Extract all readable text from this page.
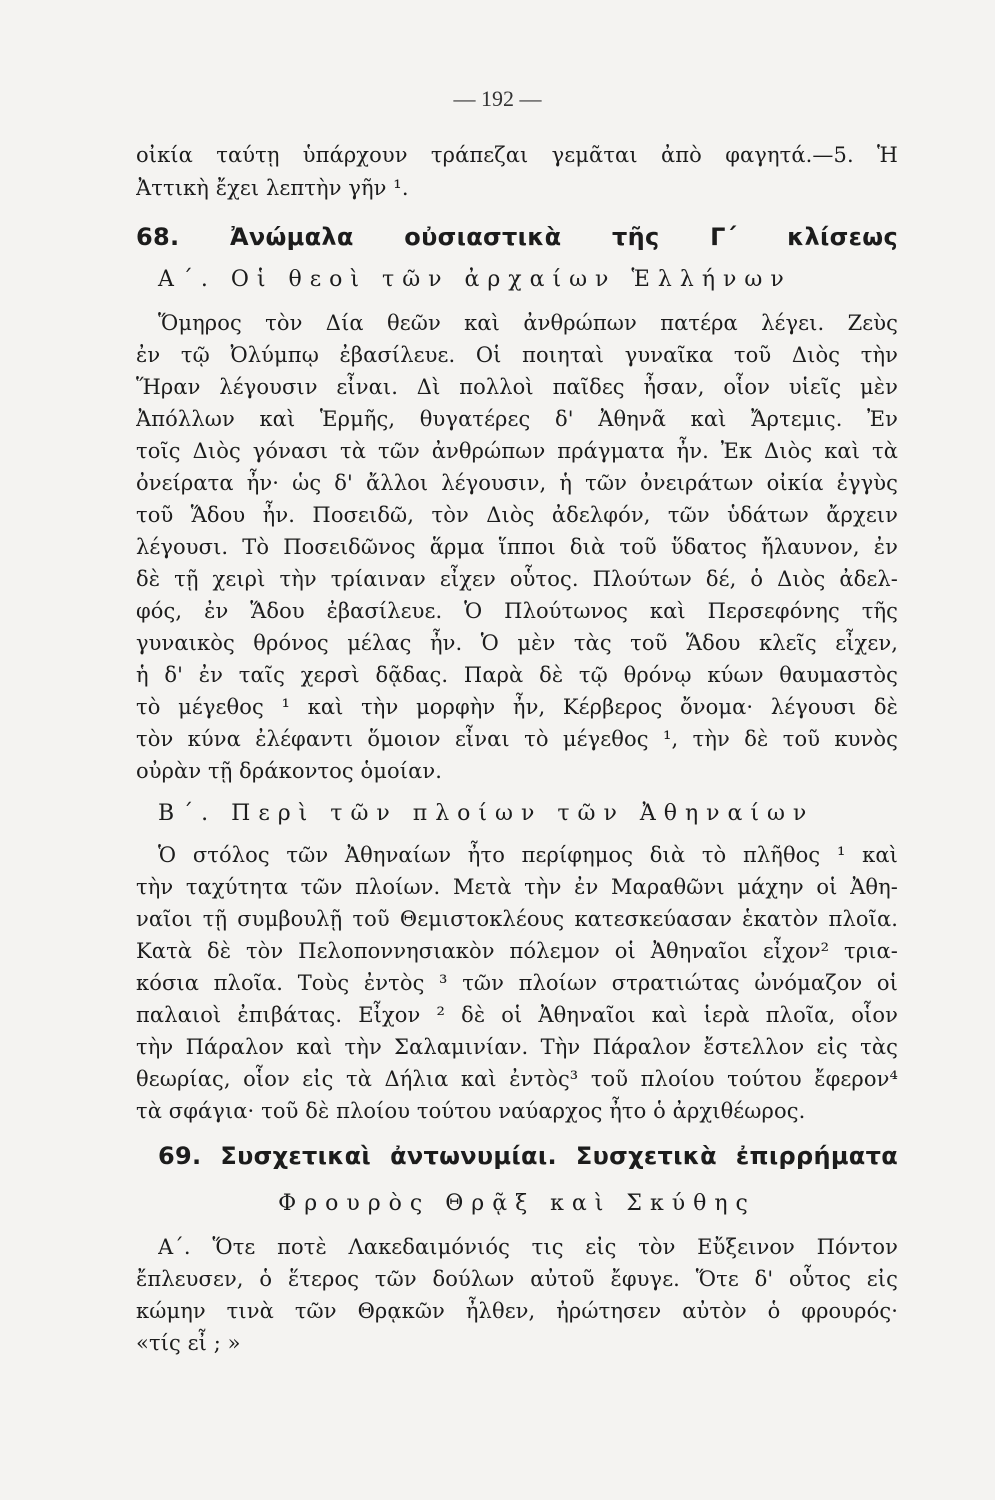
— 192 —
οἰκία ταύτῃ ὑπάρχουν τράπεζαι γεμᾶται ἀπὸ φαγητά.—5. Ἡ
Ἀττικὴ ἔχει λεπτὴν γῆν ¹.
68. Ἀνώμαλα οὐσιαστικὰ τῆς Γ΄ κλίσεως
Α΄. Οἱ θεοὶ τῶν ἀρχαίων Ἑλλήνων
Ὅμηρος τὸν Δία θεῶν καὶ ἀνθρώπων πατέρα λέγει. Ζεὺς
ἐν τῷ Ὀλύμπῳ ἐβασίλευε. Οἱ ποιηταὶ γυναῖκα τοῦ Διὸς τὴν
Ἥραν λέγουσιν εἶναι. Δὶ πολλοὶ παῖδες ἦσαν, οἷον υἱεῖς μὲν
Ἀπόλλων καὶ Ἑρμῆς, θυγατέρες δ' Ἀθηνᾶ καὶ Ἄρτεμις. Ἐν
τοῖς Διὸς γόνασι τὰ τῶν ἀνθρώπων πράγματα ἦν. Ἐκ Διὸς καὶ τὰ
ὀνείρατα ἦν· ὡς δ' ἄλλοι λέγουσιν, ἡ τῶν ὀνειράτων οἰκία ἐγγὺς
τοῦ Ἅδου ἦν. Ποσειδῶ, τὸν Διὸς ἀδελφόν, τῶν ὑδάτων ἄρχειν
λέγουσι. Τὸ Ποσειδῶνος ἅρμα ἵπποι διὰ τοῦ ὕδατος ἤλαυνον, ἐν
δὲ τῇ χειρὶ τὴν τρίαιναν εἶχεν οὗτος. Πλούτων δέ, ὁ Διὸς ἀδελ-
φός, ἐν Ἅδου ἐβασίλευε. Ὁ Πλούτωνος καὶ Περσεφόνης τῆς
γυναικὸς θρόνος μέλας ἦν. Ὁ μὲν τὰς τοῦ Ἅδου κλεῖς εἶχεν,
ἡ δ' ἐν ταῖς χερσὶ δᾷδας. Παρὰ δὲ τῷ θρόνῳ κύων θαυμαστὸς
τὸ μέγεθος ¹ καὶ τὴν μορφὴν ἦν, Κέρβερος ὄνομα· λέγουσι δὲ
τὸν κύνα ἐλέφαντι ὅμοιον εἶναι τὸ μέγεθος ¹, τὴν δὲ τοῦ κυνὸς
οὐρὰν τῇ δράκοντος ὁμοίαν.
Β΄. Περὶ τῶν πλοίων τῶν Ἀθηναίων
Ὁ στόλος τῶν Ἀθηναίων ἦτο περίφημος διὰ τὸ πλῆθος ¹ καὶ
τὴν ταχύτητα τῶν πλοίων. Μετὰ τὴν ἐν Μαραθῶνι μάχην οἱ Ἀθη-
ναῖοι τῇ συμβουλῇ τοῦ Θεμιστοκλέους κατεσκεύασαν ἑκατὸν πλοῖα.
Κατὰ δὲ τὸν Πελοποννησιακὸν πόλεμον οἱ Ἀθηναῖοι εἶχον² τρια-
κόσια πλοῖα. Τοὺς ἐντὸς ³ τῶν πλοίων στρατιώτας ὠνόμαζον οἱ
παλαιοὶ ἐπιβάτας. Εἶχον ² δὲ οἱ Ἀθηναῖοι καὶ ἱερὰ πλοῖα, οἷον
τὴν Πάραλον καὶ τὴν Σαλαμινίαν. Τὴν Πάραλον ἔστελλον εἰς τὰς
θεωρίας, οἷον εἰς τὰ Δήλια καὶ ἐντὸς³ τοῦ πλοίου τούτου ἔφερον⁴
τὰ σφάγια· τοῦ δὲ πλοίου τούτου ναύαρχος ἦτο ὁ ἀρχιθέωρος.
69. Συσχετικαὶ ἀντωνυμίαι. Συσχετικὰ ἐπιρρήματα
Φρουρὸς Θρᾷξ καὶ Σκύθης
Α΄. Ὅτε ποτὲ Λακεδαιμόνιός τις εἰς τὸν Εὔξεινον Πόντον
ἔπλευσεν, ὁ ἕτερος τῶν δούλων αὐτοῦ ἔφυγε. Ὅτε δ' οὗτος εἰς
κώμην τινὰ τῶν Θρᾳκῶν ἦλθεν, ἠρώτησεν αὐτὸν ὁ φρουρός·
«τίς εἶ ; »
